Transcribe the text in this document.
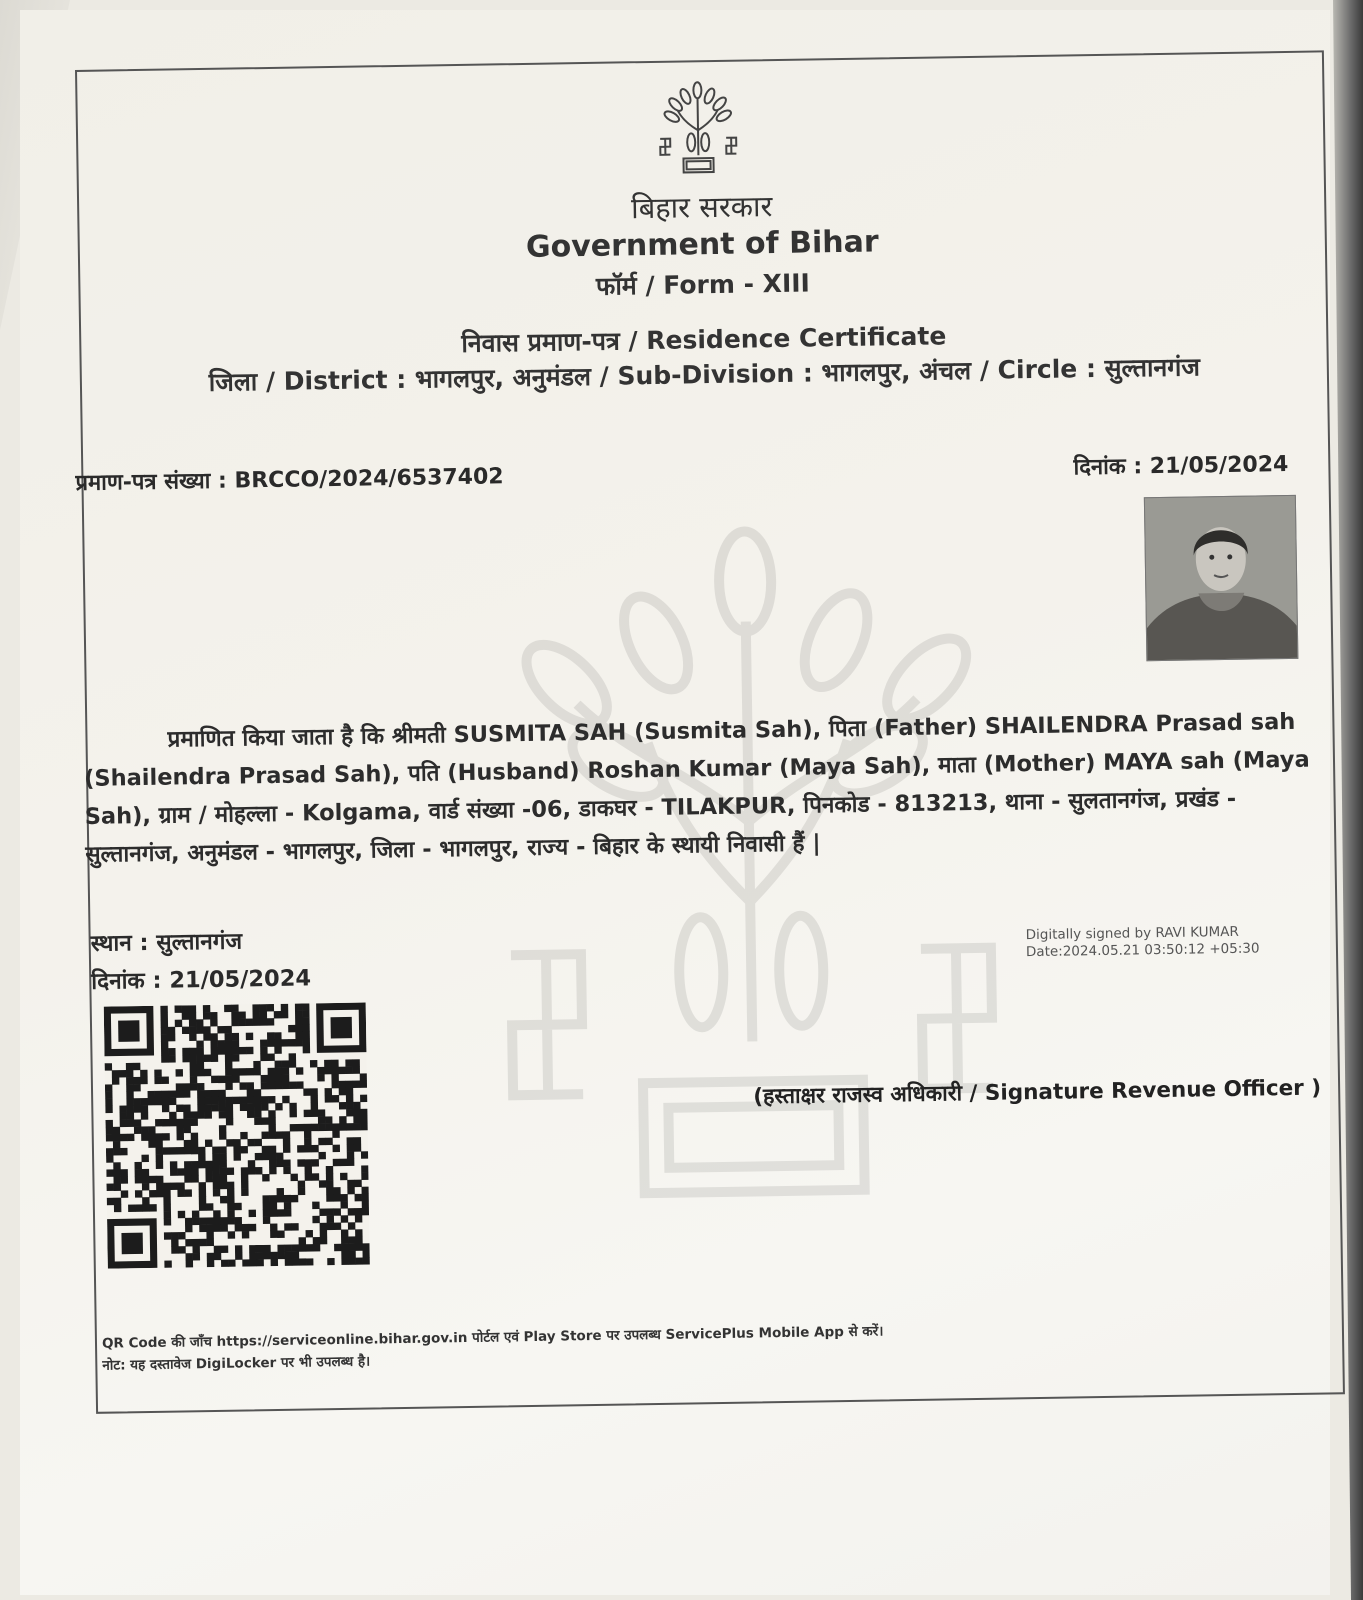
बिहार सरकार
Government of Bihar
फॉर्म / Form - XIII
निवास प्रमाण-पत्र / Residence Certificate
जिला / District : भागलपुर, अनुमंडल / Sub-Division : भागलपुर, अंचल / Circle : सुल्तानगंज
प्रमाण-पत्र संख्या : BRCCO/2024/6537402	दिनांक : 21/05/2024
प्रमाणित किया जाता है कि श्रीमती SUSMITA SAH (Susmita Sah), पिता (Father) SHAILENDRA Prasad sah (Shailendra Prasad Sah), पति (Husband) Roshan Kumar (Maya Sah), माता (Mother) MAYA sah (Maya Sah), ग्राम / मोहल्ला - Kolgama, वार्ड संख्या -06, डाकघर - TILAKPUR, पिनकोड - 813213, थाना - सुलतानगंज, प्रखंड - सुल्तानगंज, अनुमंडल - भागलपुर, जिला - भागलपुर, राज्य - बिहार के स्थायी निवासी हैं |
स्थान : सुल्तानगंज
दिनांक : 21/05/2024
Digitally signed by RAVI KUMAR
Date:2024.05.21 03:50:12 +05:30
(हस्ताक्षर राजस्व अधिकारी / Signature Revenue Officer )
QR Code की जाँच https://serviceonline.bihar.gov.in पोर्टल एवं Play Store पर उपलब्ध ServicePlus Mobile App से करें।
नोट: यह दस्तावेज DigiLocker पर भी उपलब्ध है।
